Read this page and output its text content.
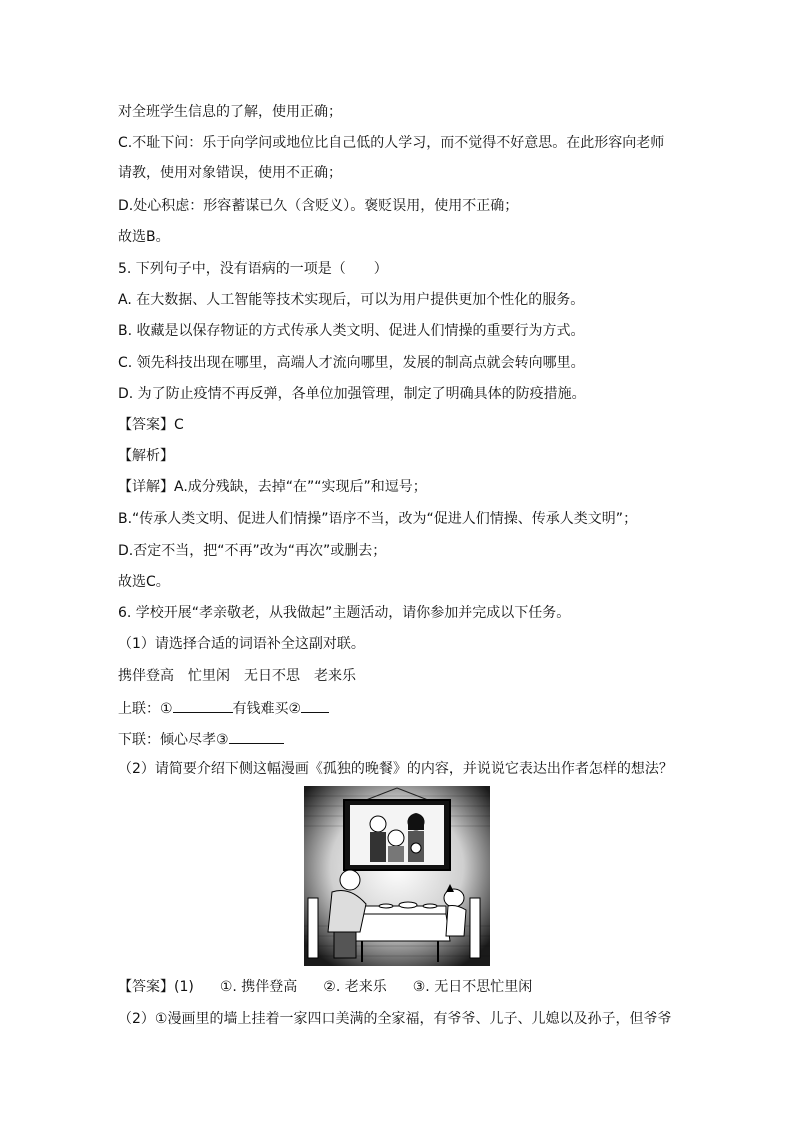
对全班学生信息的了解，使用正确；
C.不耻下问：乐于向学问或地位比自己低的人学习，而不觉得不好意思。在此形容向老师
请教，使用对象错误，使用不正确；
D.处心积虑：形容蓄谋已久（含贬义）。褒贬误用，使用不正确；
故选B。
5. 下列句子中，没有语病的一项是（　　）
A. 在大数据、人工智能等技术实现后，可以为用户提供更加个性化的服务。
B. 收藏是以保存物证的方式传承人类文明、促进人们情操的重要行为方式。
C. 领先科技出现在哪里，高端人才流向哪里，发展的制高点就会转向哪里。
D. 为了防止疫情不再反弹，各单位加强管理，制定了明确具体的防疫措施。
【答案】C
【解析】
【详解】A.成分残缺，去掉“在”“实现后”和逗号；
B.“传承人类文明、促进人们情操”语序不当，改为“促进人们情操、传承人类文明”；
D.否定不当，把“不再”改为“再次”或删去；
故选C。
6. 学校开展“孝亲敬老，从我做起”主题活动，请你参加并完成以下任务。
（1）请选择合适的词语补全这副对联。
携伴登高　忙里闲　无日不思　老来乐
上联：①	有钱难买②
下联：倾心尽孝③
（2）请简要介绍下侧这幅漫画《孤独的晚餐》的内容，并说说它表达出作者怎样的想法？
【答案】(1) ①. 携伴登高 ②. 老来乐 ③. 无日不思忙里闲
（2）①漫画里的墙上挂着一家四口美满的全家福，有爷爷、儿子、儿媳以及孙子，但爷爷
